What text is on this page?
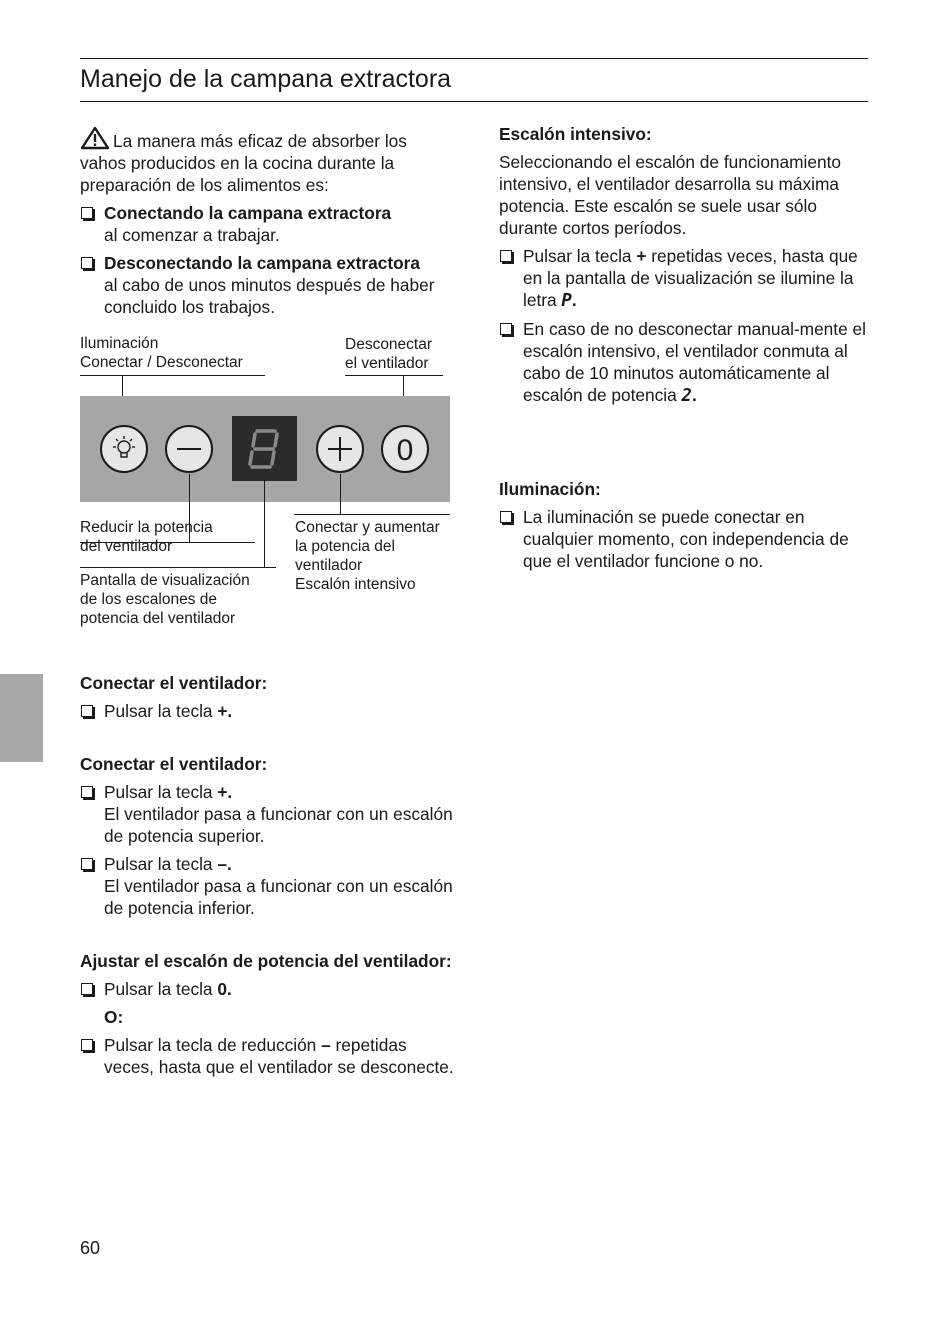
Manejo de la campana extractora

La manera más eficaz de absorber los vahos producidos en la cocina durante la preparación de los alimentos es:

Conectando la campana extractora
al comenzar a trabajar.

Desconectando la campana extractora
al cabo de unos minutos después de haber concluido los trabajos.

Iluminación
Conectar / Desconectar
Desconectar
el ventilador
0
Reducir la potencia
del ventilador
Pantalla de visualización
de los escalones de
potencia del ventilador
Conectar y aumentar
la potencia del
ventilador
Escalón intensivo

Conectar el ventilador:

Pulsar la tecla +.

Conectar el ventilador:

Pulsar la tecla +.
El ventilador pasa a funcionar con un escalón de potencia superior.

Pulsar la tecla –.
El ventilador pasa a funcionar con un escalón de potencia inferior.

Ajustar el escalón de potencia del ventilador:

Pulsar la tecla 0.

O:

Pulsar la tecla de reducción – repetidas veces, hasta que el ventilador se desconecte.

Escalón intensivo:

Seleccionando el escalón de funcionamiento intensivo, el ventilador desarrolla su máxima potencia. Este escalón se suele usar sólo durante cortos períodos.

Pulsar la tecla + repetidas veces, hasta que en la pantalla de visualización se ilumine la letra P.

En caso de no desconectar manual-mente el escalón intensivo, el ventilador conmuta al cabo de 10 minutos automáticamente al escalón de potencia 2.

Iluminación:

La iluminación se puede conectar en cualquier momento, con independencia de que el ventilador funcione o no.

60
